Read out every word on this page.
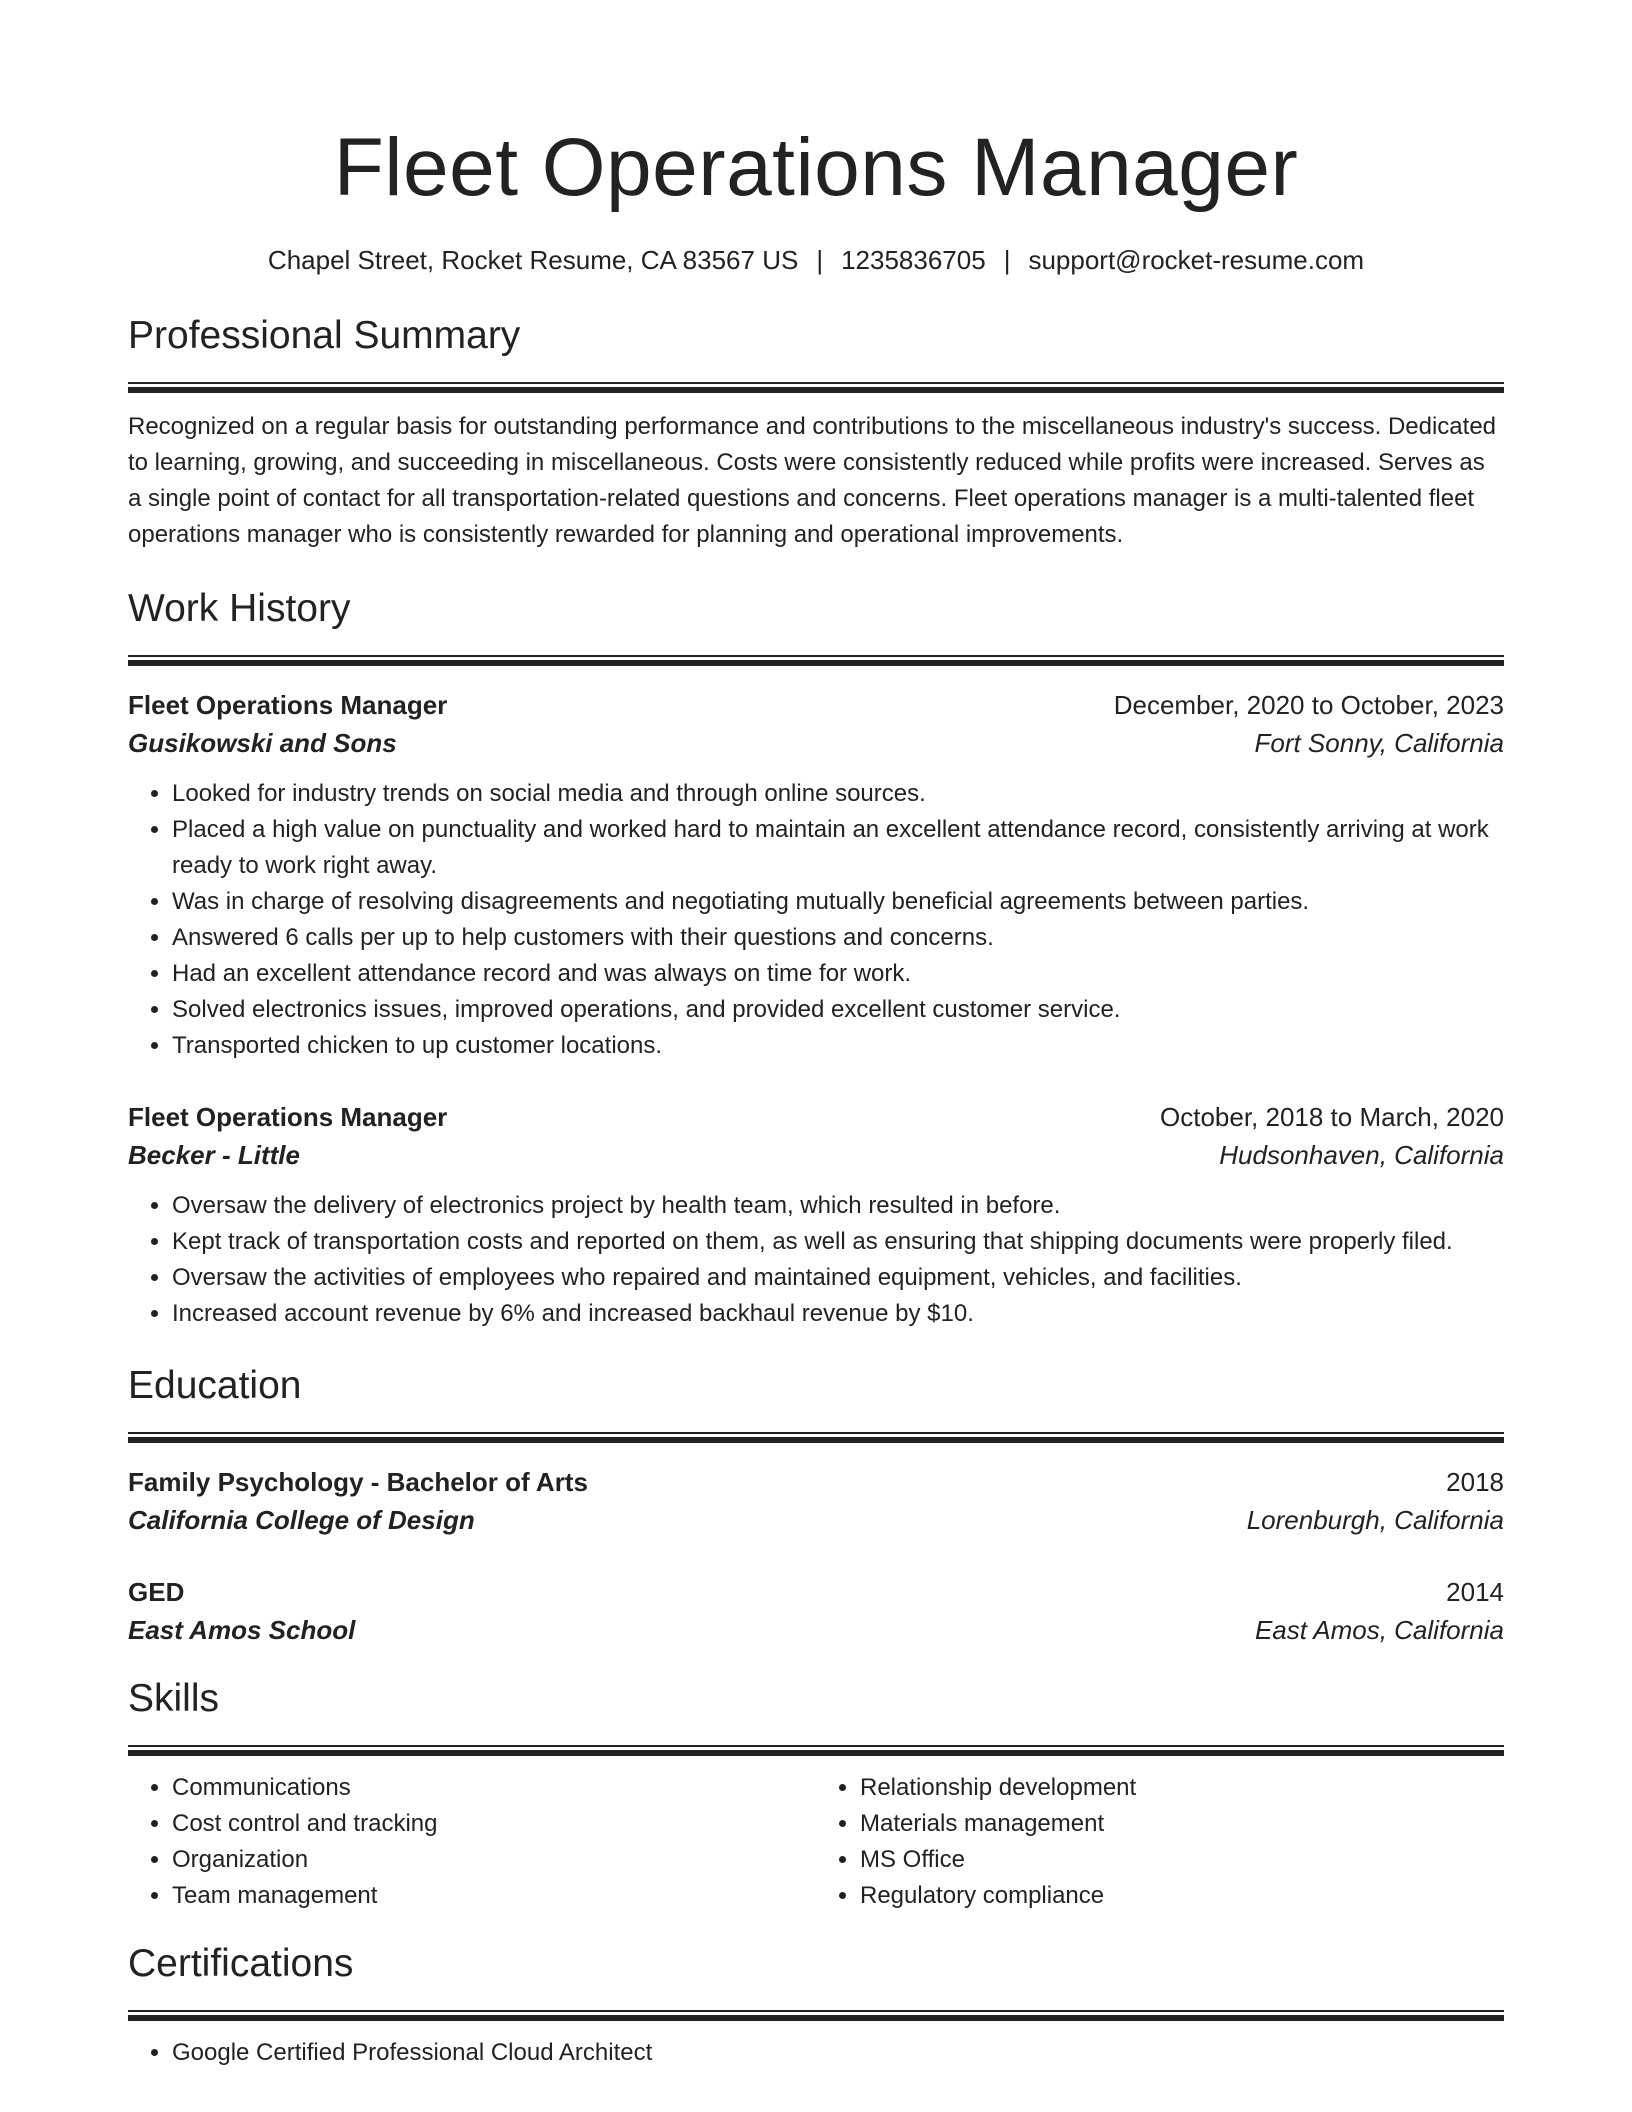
Fleet Operations Manager
Chapel Street, Rocket Resume, CA 83567 US | 1235836705 | support@rocket-resume.com
Professional Summary
Recognized on a regular basis for outstanding performance and contributions to the miscellaneous industry's success. Dedicated to learning, growing, and succeeding in miscellaneous. Costs were consistently reduced while profits were increased. Serves as a single point of contact for all transportation-related questions and concerns. Fleet operations manager is a multi-talented fleet operations manager who is consistently rewarded for planning and operational improvements.
Work History
Fleet Operations Manager	December, 2020 to October, 2023
Gusikowski and Sons	Fort Sonny, California
• Looked for industry trends on social media and through online sources.
• Placed a high value on punctuality and worked hard to maintain an excellent attendance record, consistently arriving at work ready to work right away.
• Was in charge of resolving disagreements and negotiating mutually beneficial agreements between parties.
• Answered 6 calls per up to help customers with their questions and concerns.
• Had an excellent attendance record and was always on time for work.
• Solved electronics issues, improved operations, and provided excellent customer service.
• Transported chicken to up customer locations.
Fleet Operations Manager	October, 2018 to March, 2020
Becker - Little	Hudsonhaven, California
• Oversaw the delivery of electronics project by health team, which resulted in before.
• Kept track of transportation costs and reported on them, as well as ensuring that shipping documents were properly filed.
• Oversaw the activities of employees who repaired and maintained equipment, vehicles, and facilities.
• Increased account revenue by 6% and increased backhaul revenue by $10.
Education
Family Psychology - Bachelor of Arts	2018
California College of Design	Lorenburgh, California
GED	2014
East Amos School	East Amos, California
Skills
• Communications
• Cost control and tracking
• Organization
• Team management
• Relationship development
• Materials management
• MS Office
• Regulatory compliance
Certifications
• Google Certified Professional Cloud Architect
